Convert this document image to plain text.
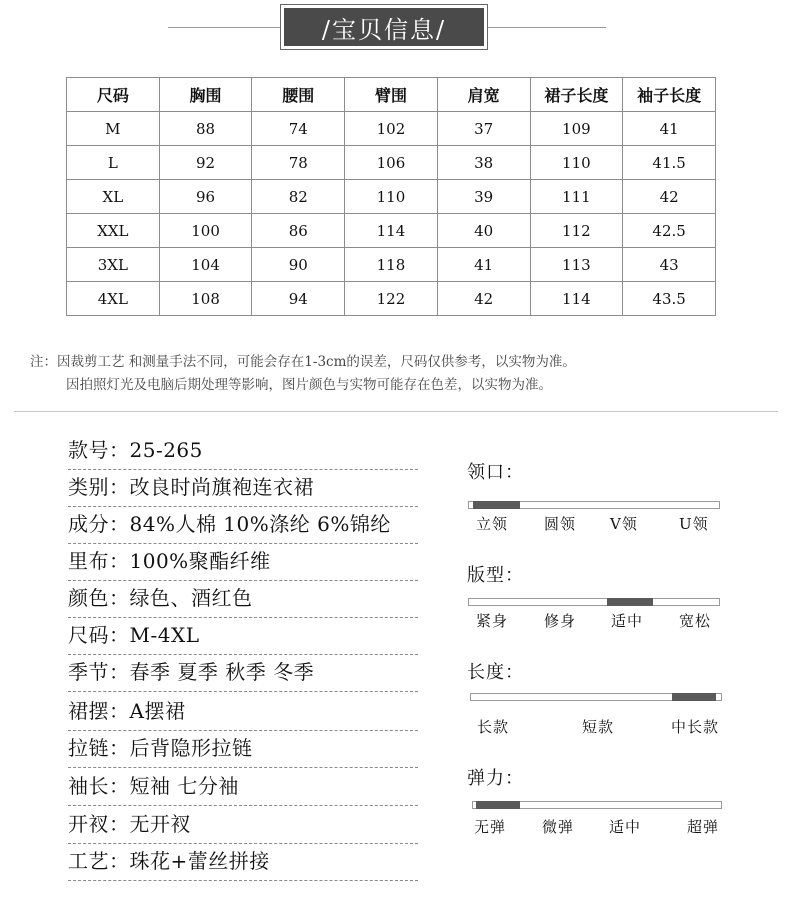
/宝贝信息/
尺码	胸围	腰围	臂围	肩宽	裙子长度	袖子长度
M	88	74	102	37	109	41
L	92	78	106	38	110	41.5
XL	96	82	110	39	111	42
XXL	100	86	114	40	112	42.5
3XL	104	90	118	41	113	43
4XL	108	94	122	42	114	43.5
注：因裁剪工艺 和测量手法不同，可能会存在1-3cm的误差，尺码仅供参考，以实物为准。
因拍照灯光及电脑后期处理等影响，图片颜色与实物可能存在色差，以实物为准。
款号：25-265
类别：改良时尚旗袍连衣裙
成分：84%人棉 10%涤纶 6%锦纶
里布：100%聚酯纤维
颜色：绿色、酒红色
尺码：M-4XL
季节：春季 夏季 秋季 冬季
裙摆：A摆裙
拉链：后背隐形拉链
袖长：短袖 七分袖
开衩：无开衩
工艺：珠花+蕾丝拼接
领口：
立领 圆领 V领	U领
版型：
紧身 修身 适中 宽松
长度：
长款	短款	中长款
弹力：
无弹 微弹 适中	超弹
